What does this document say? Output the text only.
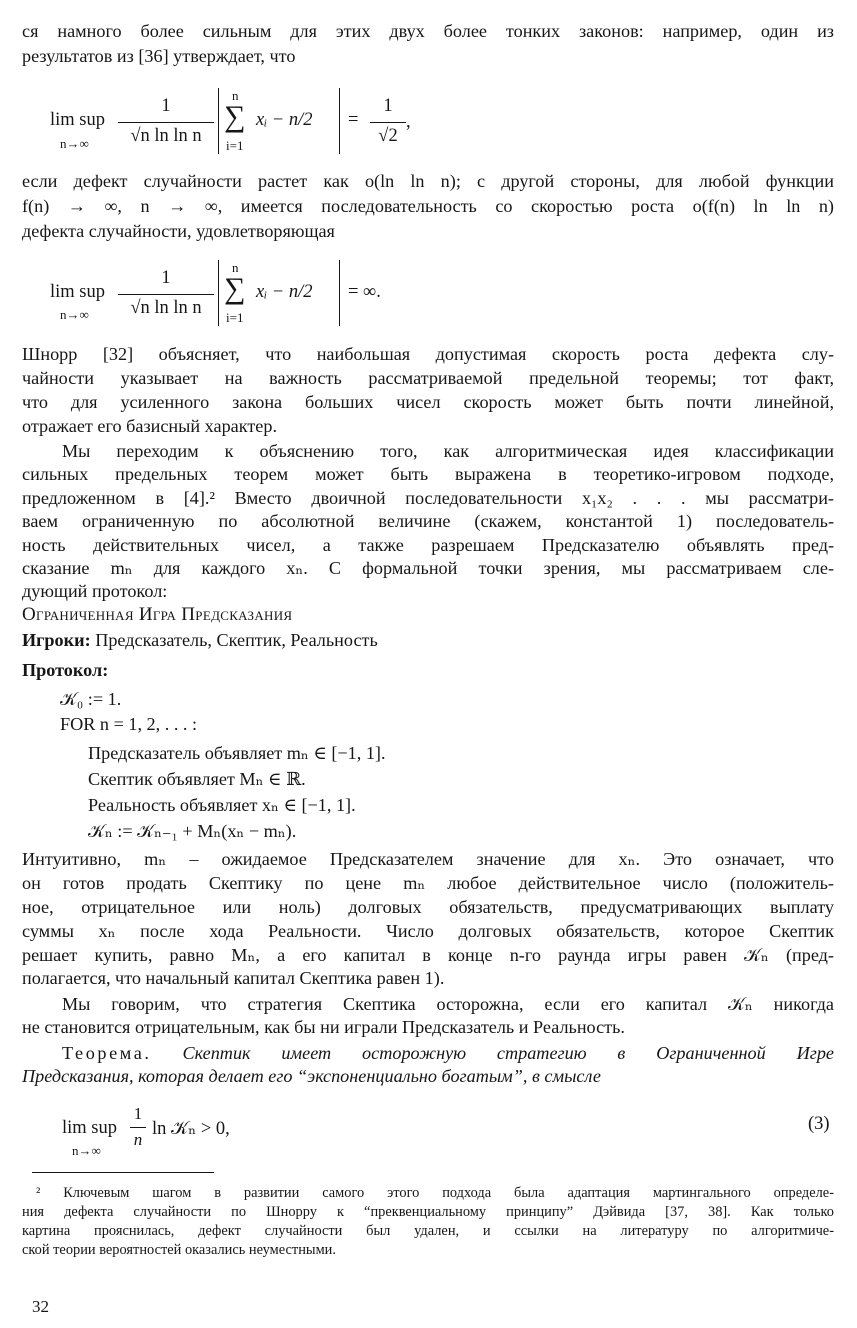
ся намного более сильным для этих двух более тонких законов: например, один из
результатов из [36] утверждает, что
lim sup
n→∞
1
√n ln ln n
n
∑
i=1
xᵢ − n/2 =
1
√2
,
если дефект случайности растет как o(ln ln n); с другой стороны, для любой функции
f(n) → ∞, n → ∞, имеется последовательность со скоростью роста o(f(n) ln ln n)
дефекта случайности, удовлетворяющая
lim sup
n→∞
1
√n ln ln n
n
∑
i=1
xᵢ − n/2 = ∞.
Шнорр [32] объясняет, что наибольшая допустимая скорость роста дефекта слу-
чайности указывает на важность рассматриваемой предельной теоремы; тот факт,
что для усиленного закона больших чисел скорость может быть почти линейной,
отражает его базисный характер.
Мы переходим к объяснению того, как алгоритмическая идея классификации
сильных предельных теорем может быть выражена в теоретико-игровом подходе,
предложенном в [4].² Вместо двоичной последовательности x₁x₂ . . . мы рассматри-
ваем ограниченную по абсолютной величине (скажем, константой 1) последователь-
ность действительных чисел, а также разрешаем Предсказателю объявлять пред-
сказание mₙ для каждого xₙ. С формальной точки зрения, мы рассматриваем сле-
дующий протокол:
Ограниченная Игра Предсказания
Игроки: Предсказатель, Скептик, Реальность
Протокол:
𝒦₀ := 1.
FOR n = 1, 2, . . . :
Предсказатель объявляет mₙ ∈ [−1, 1].
Скептик объявляет Mₙ ∈ ℝ.
Реальность объявляет xₙ ∈ [−1, 1].
𝒦ₙ := 𝒦ₙ₋₁ + Mₙ(xₙ − mₙ).
Интуитивно, mₙ – ожидаемое Предсказателем значение для xₙ. Это означает, что
он готов продать Скептику по цене mₙ любое действительное число (положитель-
ное, отрицательное или ноль) долговых обязательств, предусматривающих выплату
суммы xₙ после хода Реальности. Число долговых обязательств, которое Скептик
решает купить, равно Mₙ, а его капитал в конце n-го раунда игры равен 𝒦ₙ (пред-
полагается, что начальный капитал Скептика равен 1).
Мы говорим, что стратегия Скептика осторожна, если его капитал 𝒦ₙ никогда
не становится отрицательным, как бы ни играли Предсказатель и Реальность.
Теорема. Скептик имеет осторожную стратегию в Ограниченной Игре
Предсказания, которая делает его “экспоненциально богатым”, в смысле
lim sup
n→∞
1
n
ln 𝒦ₙ > 0,	(3)
² Ключевым шагом в развитии самого этого подхода была адаптация мартингального определе-
ния дефекта случайности по Шнорру к “преквенциальному принципу” Дэйвида [37, 38]. Как только
картина прояснилась, дефект случайности был удален, и ссылки на литературу по алгоритмиче-
ской теории вероятностей оказались неуместными.
32
